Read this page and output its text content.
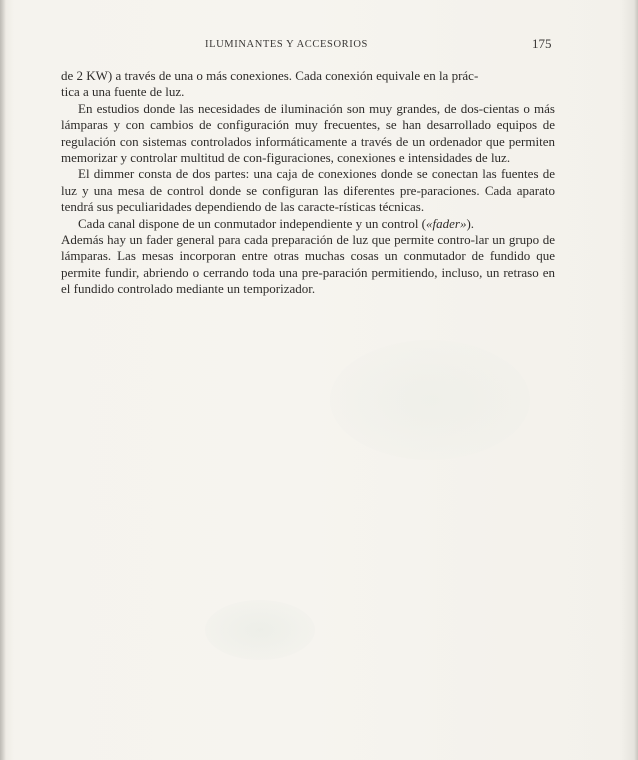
ILUMINANTES Y ACCESORIOS	175

de 2 KW) a través de una o más conexiones. Cada conexión equivale en la prác-
tica a una fuente de luz.

En estudios donde las necesidades de iluminación son muy grandes, de dos-cientas o más lámparas y con cambios de configuración muy frecuentes, se han desarrollado equipos de regulación con sistemas controlados informáticamente a través de un ordenador que permiten memorizar y controlar multitud de con-figuraciones, conexiones e intensidades de luz.

El dimmer consta de dos partes: una caja de conexiones donde se conectan las fuentes de luz y una mesa de control donde se configuran las diferentes pre-paraciones. Cada aparato tendrá sus peculiaridades dependiendo de las caracte-rísticas técnicas.

Cada canal dispone de un conmutador independiente y un control («fader»).

Además hay un fader general para cada preparación de luz que permite contro-lar un grupo de lámparas. Las mesas incorporan entre otras muchas cosas un conmutador de fundido que permite fundir, abriendo o cerrando toda una pre-paración permitiendo, incluso, un retraso en el fundido controlado mediante un temporizador.
